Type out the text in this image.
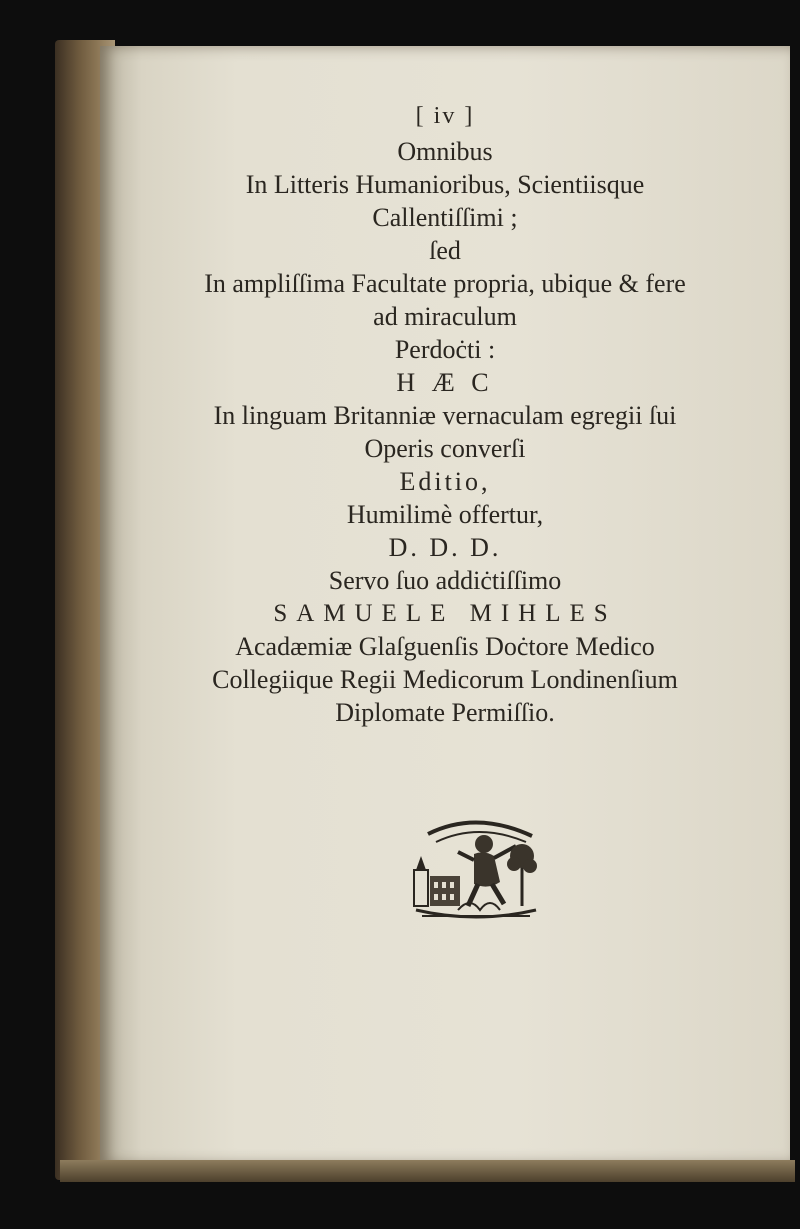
[ iv ]
Omnibus
In Litteris Humanioribus, Scientiisque
Callentiſſimi ;
ſed
In ampliſſima Facultate propria, ubique & fere
ad miraculum
Perdoċti :
H Æ C
In linguam Britanniæ vernaculam egregii ſui
Operis converſi
Editio,
Humilimè offertur,
D. D. D.
Servo ſuo addiċtiſſimo
SAMUELE MIHLES
Acadæmiæ Glaſguenſis Doċtore Medico
Collegiique Regii Medicorum Londinenſium
Diplomate Permiſſio.
